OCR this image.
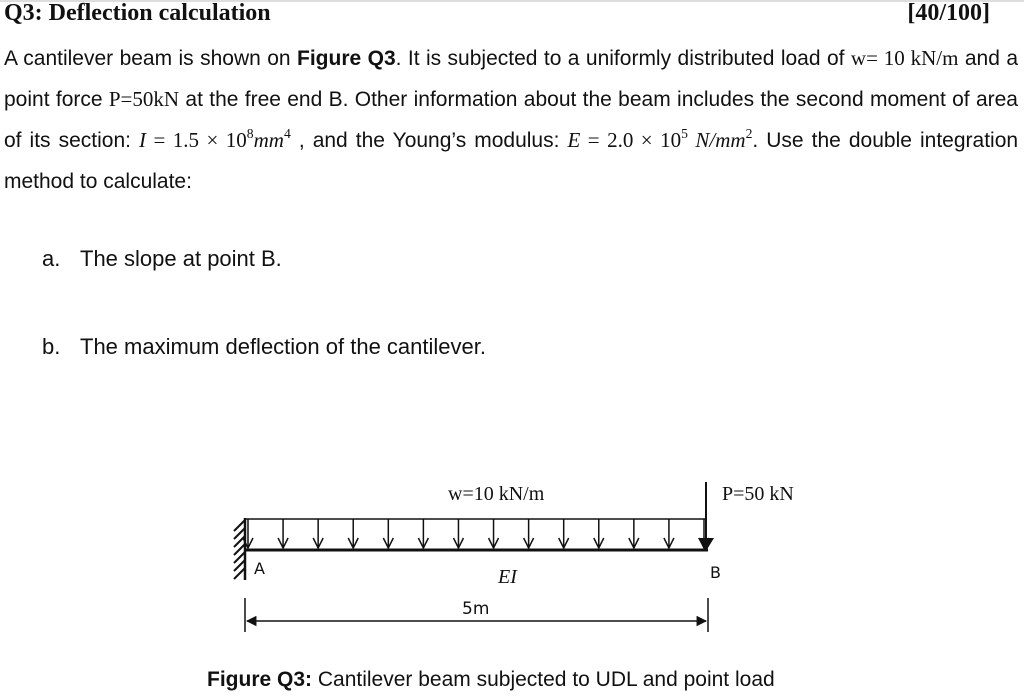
Q3: Deflection calculation	[40/100]
A cantilever beam is shown on Figure Q3. It is subjected to a uniformly distributed load of w= 10 kN/m and a point force P=50kN at the free end B. Other information about the beam includes the second moment of area of its section: $I = 1.5 \times 10^8mm^4$ , and the Young’s modulus: $E = 2.0 \times 10^5$ $N/mm^2$. Use the double integration method to calculate:
a. The slope at point B.
b. The maximum deflection of the cantilever.
w=10 kN/m	P=50 kN
A	B
EI
5m
Figure Q3: Cantilever beam subjected to UDL and point load
